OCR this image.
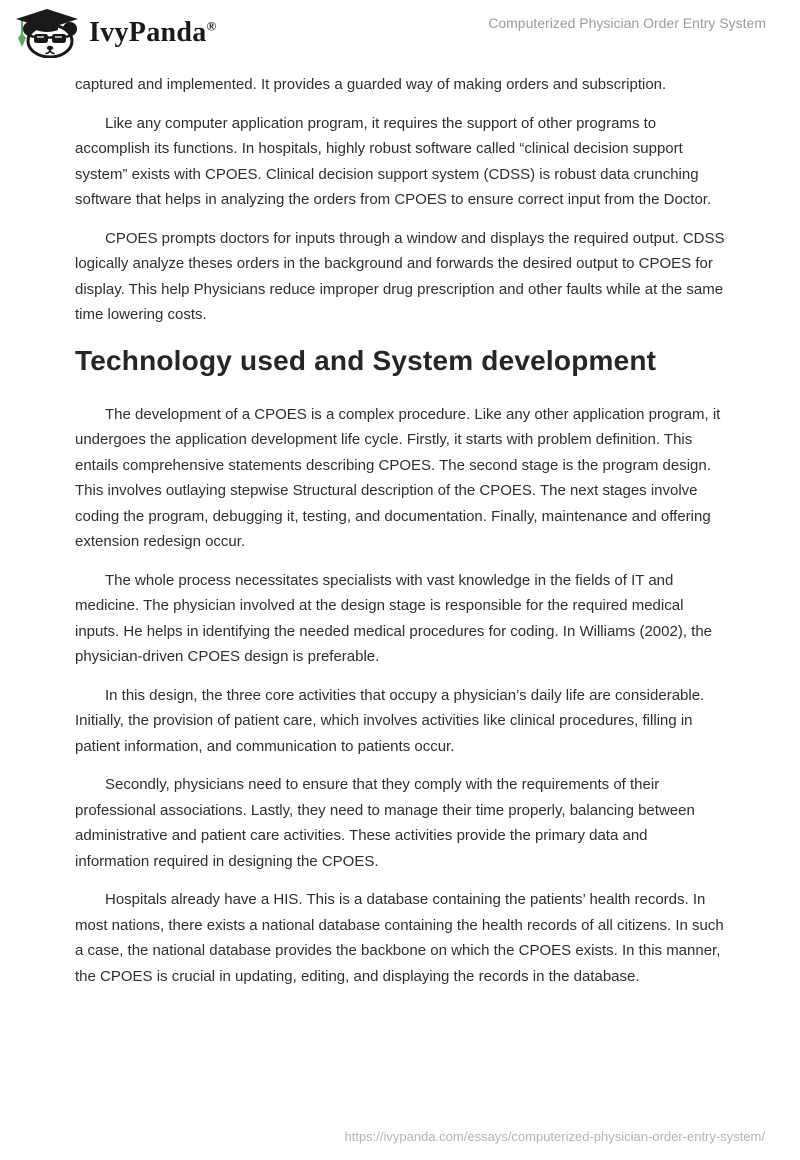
IvyPanda®	Computerized Physician Order Entry System

captured and implemented. It provides a guarded way of making orders and subscription.

Like any computer application program, it requires the support of other programs to accomplish its functions. In hospitals, highly robust software called “clinical decision support system” exists with CPOES. Clinical decision support system (CDSS) is robust data crunching software that helps in analyzing the orders from CPOES to ensure correct input from the Doctor.

CPOES prompts doctors for inputs through a window and displays the required output. CDSS logically analyze theses orders in the background and forwards the desired output to CPOES for display. This help Physicians reduce improper drug prescription and other faults while at the same time lowering costs.

Technology used and System development

The development of a CPOES is a complex procedure. Like any other application program, it undergoes the application development life cycle. Firstly, it starts with problem definition. This entails comprehensive statements describing CPOES. The second stage is the program design. This involves outlaying stepwise Structural description of the CPOES. The next stages involve coding the program, debugging it, testing, and documentation. Finally, maintenance and offering extension redesign occur.

The whole process necessitates specialists with vast knowledge in the fields of IT and medicine. The physician involved at the design stage is responsible for the required medical inputs. He helps in identifying the needed medical procedures for coding. In Williams (2002), the physician-driven CPOES design is preferable.

In this design, the three core activities that occupy a physician’s daily life are considerable. Initially, the provision of patient care, which involves activities like clinical procedures, filling in patient information, and communication to patients occur.

Secondly, physicians need to ensure that they comply with the requirements of their professional associations. Lastly, they need to manage their time properly, balancing between administrative and patient care activities. These activities provide the primary data and information required in designing the CPOES.

Hospitals already have a HIS. This is a database containing the patients’ health records. In most nations, there exists a national database containing the health records of all citizens. In such a case, the national database provides the backbone on which the CPOES exists. In this manner, the CPOES is crucial in updating, editing, and displaying the records in the database.

https://ivypanda.com/essays/computerized-physician-order-entry-system/
